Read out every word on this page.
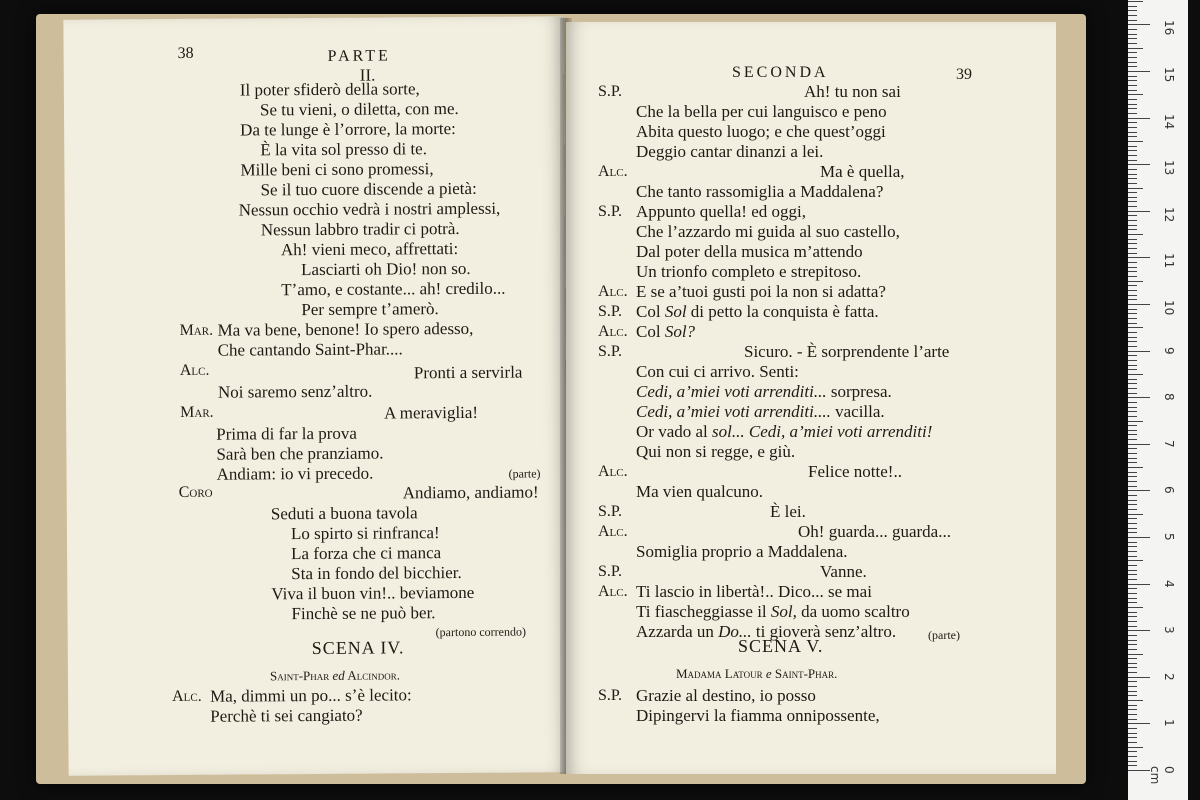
38	PARTE
II.
Il poter sfiderò della sorte,
Se tu vieni, o diletta, con me.
Da te lunge è l’orrore, la morte:
È la vita sol presso di te.
Mille beni ci sono promessi,
Se il tuo cuore discende a pietà:
Nessun occhio vedrà i nostri amplessi,
Nessun labbro tradir ci potrà.
Ah! vieni meco, affrettati:
Lasciarti oh Dio! non so.
T’amo, e costante... ah! credilo...
Per sempre t’amerò.
Mar. Ma va bene, benone! Io spero adesso,
Che cantando Saint-Phar....
Alc.	Pronti a servirla
Noi saremo senz’altro.
Mar.	A meraviglia!
Prima di far la prova
Sarà ben che pranziamo.
Andiam: io vi precedo.	(parte)
Coro	Andiamo, andiamo!
Seduti a buona tavola
Lo spirto si rinfranca!
La forza che ci manca
Sta in fondo del bicchier.
Viva il buon vin!.. beviamone
Finchè se ne può ber.
(partono correndo)
SCENA IV.
Saint-Phar ed Alcindor.
Alc. Ma, dimmi un po... s’è lecito:
Perchè ti sei cangiato?
SECONDA	39
S.P.	Ah! tu non sai
Che la bella per cui languisco e peno
Abita questo luogo; e che quest’oggi
Deggio cantar dinanzi a lei.
Alc.	Ma è quella,
Che tanto rassomiglia a Maddalena?
S.P. Appunto quella! ed oggi,
Che l’azzardo mi guida al suo castello,
Dal poter della musica m’attendo
Un trionfo completo e strepitoso.
Alc. E se a’tuoi gusti poi la non si adatta?
S.P. Col Sol di petto la conquista è fatta.
Alc. Col Sol?
S.P.	Sicuro. - È sorprendente l’arte
Con cui ci arrivo. Senti:
Cedi, a’miei voti arrenditi... sorpresa.
Cedi, a’miei voti arrenditi.... vacilla.
Or vado al sol... Cedi, a’miei voti arrenditi!
Qui non si regge, e giù.
Alc.	Felice notte!..
Ma vien qualcuno.
S.P.	È lei.
Alc.	Oh! guarda... guarda...
Somiglia proprio a Maddalena.
S.P.	Vanne.
Alc. Ti lascio in libertà!.. Dico... se mai
Ti fiascheggiasse il Sol, da uomo scaltro
Azzarda un Do... ti gioverà senz’altro.	(parte)
SCENA V.
Madama Latour e Saint-Phar.
S.P. Grazie al destino, io posso
Dipingervi la fiamma onnipossente,
0 cm
1
2
3
4
5
6
7
8
9
10
11
12
13
14
15
16
